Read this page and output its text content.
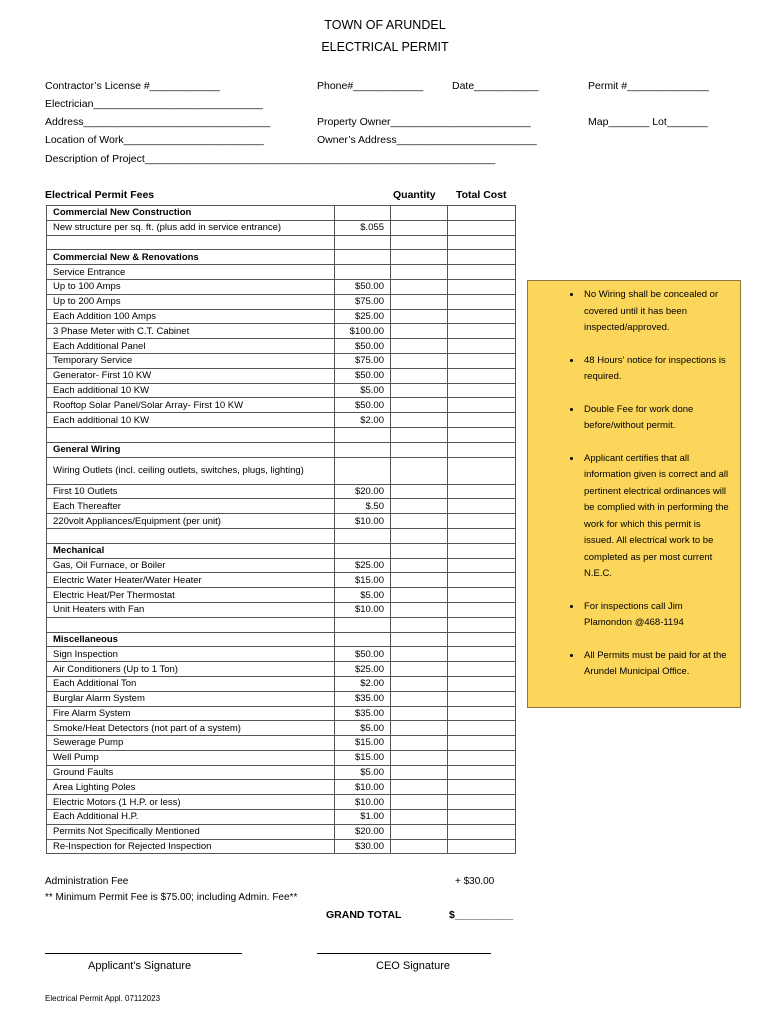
TOWN OF ARUNDEL
ELECTRICAL PERMIT
Contractor’s License #____________	Phone#____________	Date___________	Permit #______________
Electrician_____________________________
Address________________________________	Property Owner________________________	Map_______ Lot_______
Location of Work________________________	Owner’s Address________________________
Description of Project____________________________________________________________
Electrical Permit Fees	Quantity Total Cost
Commercial New Construction			
New structure per sq. ft. (plus add in service entrance)	$.055		

Commercial New & Renovations			
Service Entrance			
Up to 100 Amps	$50.00		
Up to 200 Amps	$75.00		
Each Addition 100 Amps	$25.00		
3 Phase Meter with C.T. Cabinet	$100.00		
Each Additional Panel	$50.00		
Temporary Service	$75.00		
Generator- First 10 KW	$50.00		
Each additional 10 KW	$5.00		
Rooftop Solar Panel/Solar Array- First 10 KW	$50.00		
Each additional 10 KW	$2.00		

General Wiring			
Wiring Outlets (incl. ceiling outlets, switches, plugs, lighting)			
First 10 Outlets	$20.00		
Each Thereafter	$.50		
220volt Appliances/Equipment (per unit)	$10.00		

Mechanical			
Gas, Oil Furnace, or Boiler	$25.00		
Electric Water Heater/Water Heater	$15.00		
Electric Heat/Per Thermostat	$5.00		
Unit Heaters with Fan	$10.00		

Miscellaneous			
Sign Inspection	$50.00		
Air Conditioners (Up to 1 Ton)	$25.00		
Each Additional Ton	$2.00		
Burglar Alarm System	$35.00		
Fire Alarm System	$35.00		
Smoke/Heat Detectors (not part of a system)	$5.00		
Sewerage Pump	$15.00		
Well Pump	$15.00		
Ground Faults	$5.00		
Area Lighting Poles	$10.00		
Electric Motors (1 H.P. or less)	$10.00		
Each Additional H.P.	$1.00		
Permits Not Specifically Mentioned	$20.00		
Re-Inspection for Rejected Inspection	$30.00		
• No Wiring shall be concealed or covered until it has been inspected/approved.
• 48 Hours’ notice for inspections is required.
• Double Fee for work done before/without permit.
• Applicant certifies that all information given is correct and all pertinent electrical ordinances will be complied with in performing the work for which this permit is issued. All electrical work to be completed as per most current N.E.C.
• For inspections call Jim Plamondon @468-1194
• All Permits must be paid for at the Arundel Municipal Office.
Administration Fee	+ $30.00
** Minimum Permit Fee is $75.00; including Admin. Fee**
GRAND TOTAL	$__________
Applicant’s Signature	CEO Signature
Electrical Permit Appl. 07112023
